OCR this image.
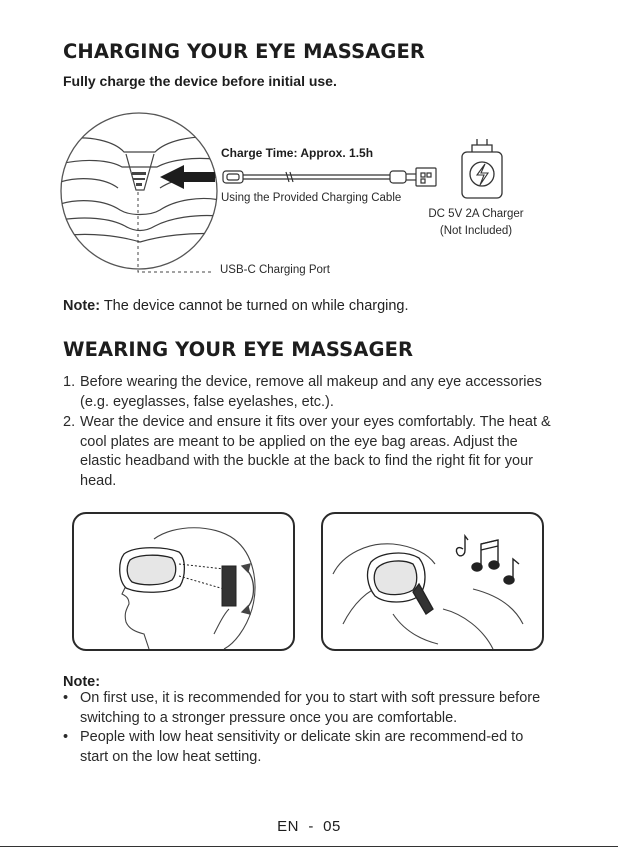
CHARGING YOUR EYE MASSAGER
Fully charge the device before initial use.
Charge Time: Approx. 1.5h
Using the Provided Charging Cable
DC 5V 2A Charger
(Not Included)
USB-C Charging Port
Note: The device cannot be turned on while charging.
WEARING YOUR EYE MASSAGER
1. Before wearing the device, remove all makeup and any eye accessories (e.g. eyeglasses, false eyelashes, etc.).
2. Wear the device and ensure it fits over your eyes comfortably. The heat & cool plates are meant to be applied on the eye bag areas. Adjust the elastic headband with the buckle at the back to find the right fit for your head.
Note:
• On first use, it is recommended for you to start with soft pressure before switching to a stronger pressure once you are comfortable.
• People with low heat sensitivity or delicate skin are recommend-ed to start on the low heat setting.
EN  -  05
